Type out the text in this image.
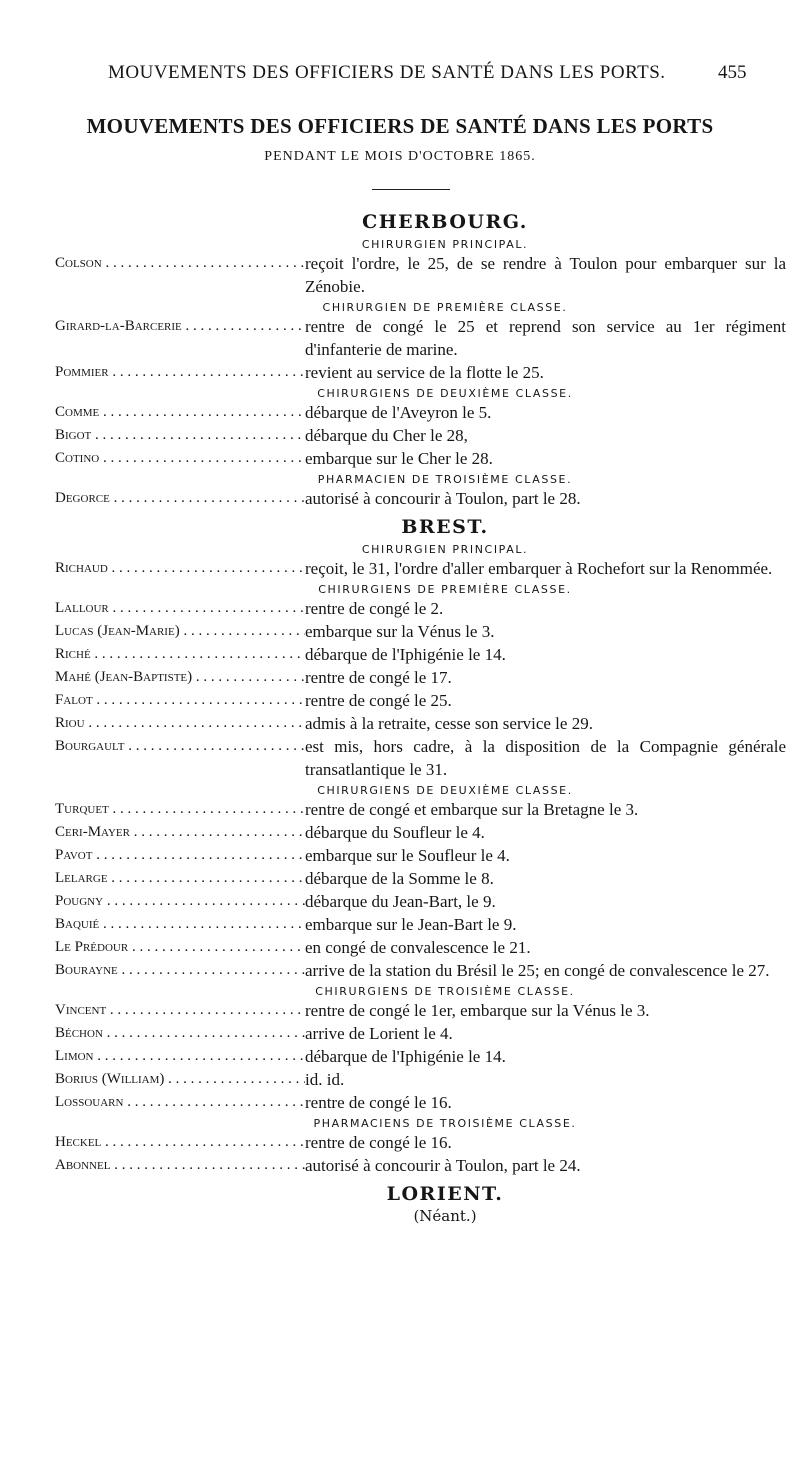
MOUVEMENTS DES OFFICIERS DE SANTÉ DANS LES PORTS.	455
MOUVEMENTS DES OFFICIERS DE SANTÉ DANS LES PORTS
PENDANT LE MOIS D'OCTOBRE 1865.
CHERBOURG.
CHIRURGIEN PRINCIPAL.
Colson . . .	reçoit l'ordre, le 25, de se rendre à Toulon pour embarquer sur la Zénobie.
CHIRURGIEN DE PREMIÈRE CLASSE.
Girard-la-Barcerie . . .	rentre de congé le 25 et reprend son service au 1er régiment d'infanterie de marine.
Pommier . . .	revient au service de la flotte le 25.
CHIRURGIENS DE DEUXIÈME CLASSE.
Comme . . .	débarque de l'Aveyron le 5.
Bigot . . .	débarque du Cher le 28,
Cotino . . .	embarque sur le Cher le 28.
PHARMACIEN DE TROISIÈME CLASSE.
Degorce . . .	autorisé à concourir à Toulon, part le 28.
BREST.
CHIRURGIEN PRINCIPAL.
Richaud . . .	reçoit, le 31, l'ordre d'aller embarquer à Rochefort sur la Renommée.
CHIRURGIENS DE PREMIÈRE CLASSE.
Lallour . . .	rentre de congé le 2.
Lucas (Jean-Marie) . . .	embarque sur la Vénus le 3.
Riché . . .	débarque de l'Iphigénie le 14.
Mahé (Jean-Baptiste) . . .	rentre de congé le 17.
Falot . . .	rentre de congé le 25.
Riou . . .	admis à la retraite, cesse son service le 29.
Bourgault . . .	est mis, hors cadre, à la disposition de la Compagnie générale transatlantique le 31.
CHIRURGIENS DE DEUXIÈME CLASSE.
Turquet . . .	rentre de congé et embarque sur la Bretagne le 3.
Ceri-Mayer . . .	débarque du Soufleur le 4.
Pavot . . .	embarque sur le Soufleur le 4.
Lelarge . . .	débarque de la Somme le 8.
Pougny . . .	débarque du Jean-Bart, le 9.
Baquié . . .	embarque sur le Jean-Bart le 9.
Le Prédour . . .	en congé de convalescence le 21.
Bourayne . . .	arrive de la station du Brésil le 25; en congé de convalescence le 27.
CHIRURGIENS DE TROISIÈME CLASSE.
Vincent . . .	rentre de congé le 1er, embarque sur la Vénus le 3.
Béchon . . .	arrive de Lorient le 4.
Limon . . .	débarque de l'Iphigénie le 14.
Borius (William) . . .	id. id.
Lossouarn . . .	rentre de congé le 16.
PHARMACIENS DE TROISIÈME CLASSE.
Heckel . . .	rentre de congé le 16.
Abonnel . . .	autorisé à concourir à Toulon, part le 24.
LORIENT.
(Néant.)
